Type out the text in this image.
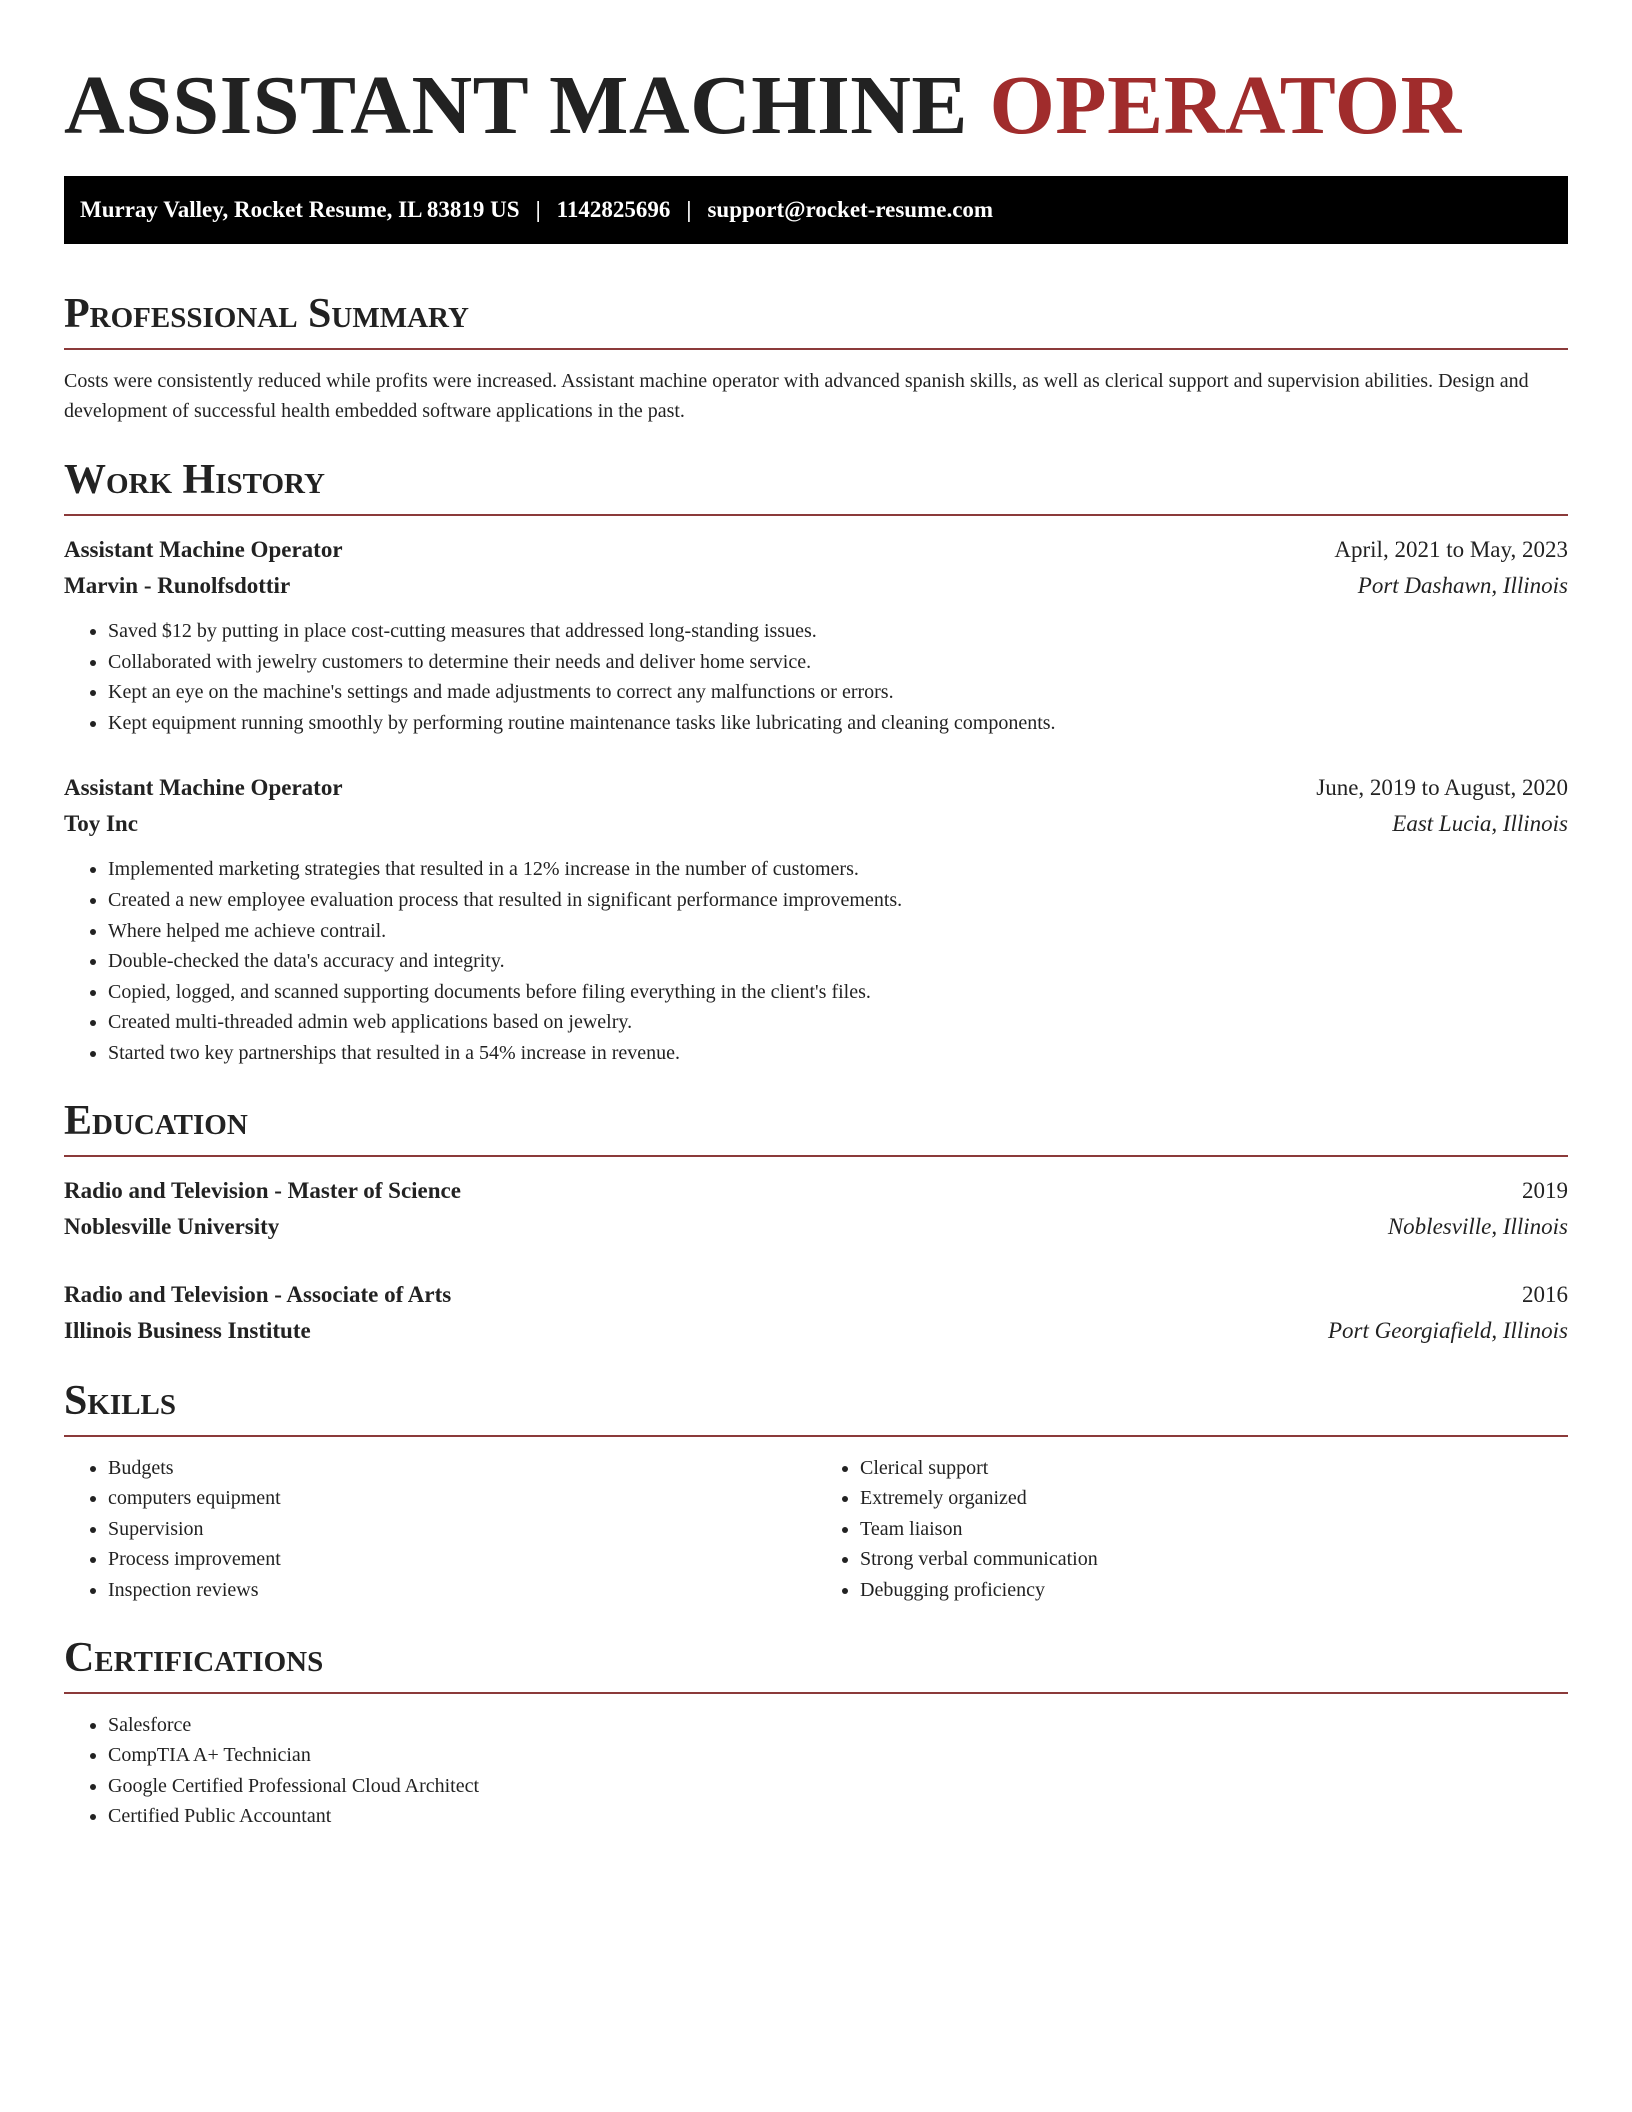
ASSISTANT MACHINE OPERATOR
Murray Valley, Rocket Resume, IL 83819 US | 1142825696 | support@rocket-resume.com
Professional Summary

Costs were consistently reduced while profits were increased. Assistant machine operator with advanced spanish skills, as well as clerical support and supervision abilities. Design and development of successful health embedded software applications in the past.

Work History
Assistant Machine Operator	April, 2021 to May, 2023
Marvin - Runolfsdottir	Port Dashawn, Illinois
• Saved $12 by putting in place cost-cutting measures that addressed long-standing issues.
• Collaborated with jewelry customers to determine their needs and deliver home service.
• Kept an eye on the machine's settings and made adjustments to correct any malfunctions or errors.
• Kept equipment running smoothly by performing routine maintenance tasks like lubricating and cleaning components.
Assistant Machine Operator	June, 2019 to August, 2020
Toy Inc	East Lucia, Illinois
• Implemented marketing strategies that resulted in a 12% increase in the number of customers.
• Created a new employee evaluation process that resulted in significant performance improvements.
• Where helped me achieve contrail.
• Double-checked the data's accuracy and integrity.
• Copied, logged, and scanned supporting documents before filing everything in the client's files.
• Created multi-threaded admin web applications based on jewelry.
• Started two key partnerships that resulted in a 54% increase in revenue.
Education
Radio and Television - Master of Science	2019
Noblesville University	Noblesville, Illinois
Radio and Television - Associate of Arts	2016
Illinois Business Institute	Port Georgiafield, Illinois
Skills
• Budgets
• computers equipment
• Supervision
• Process improvement
• Inspection reviews
• Clerical support
• Extremely organized
• Team liaison
• Strong verbal communication
• Debugging proficiency
Certifications
• Salesforce
• CompTIA A+ Technician
• Google Certified Professional Cloud Architect
• Certified Public Accountant
